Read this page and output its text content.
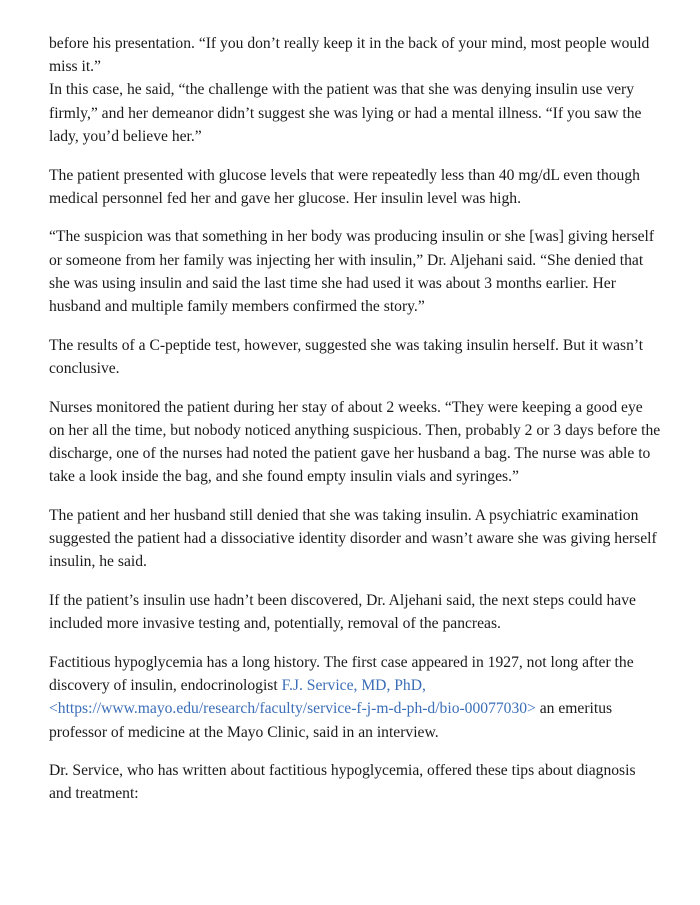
before his presentation. “If you don’t really keep it in the back of your mind, most people would miss it.”

In this case, he said, “the challenge with the patient was that she was denying insulin use very firmly,” and her demeanor didn’t suggest she was lying or had a mental illness. “If you saw the lady, you’d believe her.”

The patient presented with glucose levels that were repeatedly less than 40 mg/dL even though medical personnel fed her and gave her glucose. Her insulin level was high.

“The suspicion was that something in her body was producing insulin or she [was] giving herself or someone from her family was injecting her with insulin,” Dr. Aljehani said. “She denied that she was using insulin and said the last time she had used it was about 3 months earlier. Her husband and multiple family members confirmed the story.”

The results of a C-peptide test, however, suggested she was taking insulin herself. But it wasn’t conclusive.

Nurses monitored the patient during her stay of about 2 weeks. “They were keeping a good eye on her all the time, but nobody noticed anything suspicious. Then, probably 2 or 3 days before the discharge, one of the nurses had noted the patient gave her husband a bag. The nurse was able to take a look inside the bag, and she found empty insulin vials and syringes.”

The patient and her husband still denied that she was taking insulin. A psychiatric examination suggested the patient had a dissociative identity disorder and wasn’t aware she was giving herself insulin, he said.

If the patient’s insulin use hadn’t been discovered, Dr. Aljehani said, the next steps could have included more invasive testing and, potentially, removal of the pancreas.

Factitious hypoglycemia has a long history. The first case appeared in 1927, not long after the discovery of insulin, endocrinologist F.J. Service, MD, PhD, <https://www.mayo.edu/research/faculty/service-f-j-m-d-ph-d/bio-00077030> an emeritus professor of medicine at the Mayo Clinic, said in an interview.

Dr. Service, who has written about factitious hypoglycemia, offered these tips about diagnosis and treatment:
